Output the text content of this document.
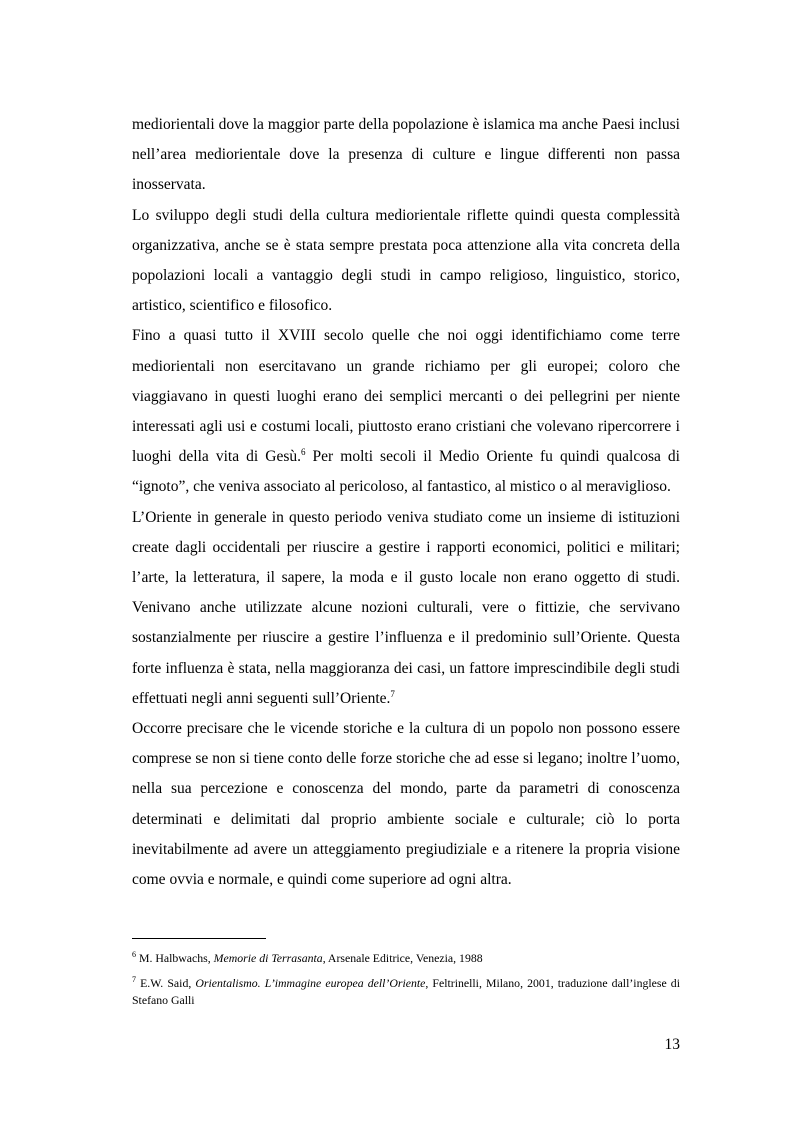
mediorientali dove la maggior parte della popolazione è islamica ma anche Paesi inclusi nell’area mediorientale dove la presenza di culture e lingue differenti non passa inosservata.

Lo sviluppo degli studi della cultura mediorientale riflette quindi questa complessità organizzativa, anche se è stata sempre prestata poca attenzione alla vita concreta della popolazioni locali a vantaggio degli studi in campo religioso, linguistico, storico, artistico, scientifico e filosofico.

Fino a quasi tutto il XVIII secolo quelle che noi oggi identifichiamo come terre mediorientali non esercitavano un grande richiamo per gli europei; coloro che viaggiavano in questi luoghi erano dei semplici mercanti o dei pellegrini per niente interessati agli usi e costumi locali, piuttosto erano cristiani che volevano ripercorrere i luoghi della vita di Gesù.$^6$ Per molti secoli il Medio Oriente fu quindi qualcosa di “ignoto”, che veniva associato al pericoloso, al fantastico, al mistico o al meraviglioso.

L’Oriente in generale in questo periodo veniva studiato come un insieme di istituzioni create dagli occidentali per riuscire a gestire i rapporti economici, politici e militari; l’arte, la letteratura, il sapere, la moda e il gusto locale non erano oggetto di studi. Venivano anche utilizzate alcune nozioni culturali, vere o fittizie, che servivano sostanzialmente per riuscire a gestire l’influenza e il predominio sull’Oriente. Questa forte influenza è stata, nella maggioranza dei casi, un fattore imprescindibile degli studi effettuati negli anni seguenti sull’Oriente.$^7$

Occorre precisare che le vicende storiche e la cultura di un popolo non possono essere comprese se non si tiene conto delle forze storiche che ad esse si legano; inoltre l’uomo, nella sua percezione e conoscenza del mondo, parte da parametri di conoscenza determinati e delimitati dal proprio ambiente sociale e culturale; ciò lo porta inevitabilmente ad avere un atteggiamento pregiudiziale e a ritenere la propria visione come ovvia e normale, e quindi come superiore ad ogni altra.

$^6$ M. Halbwachs, Memorie di Terrasanta, Arsenale Editrice, Venezia, 1988

$^7$ E.W. Said, Orientalismo. L’immagine europea dell’Oriente, Feltrinelli, Milano, 2001, traduzione dall’inglese di Stefano Galli

13
